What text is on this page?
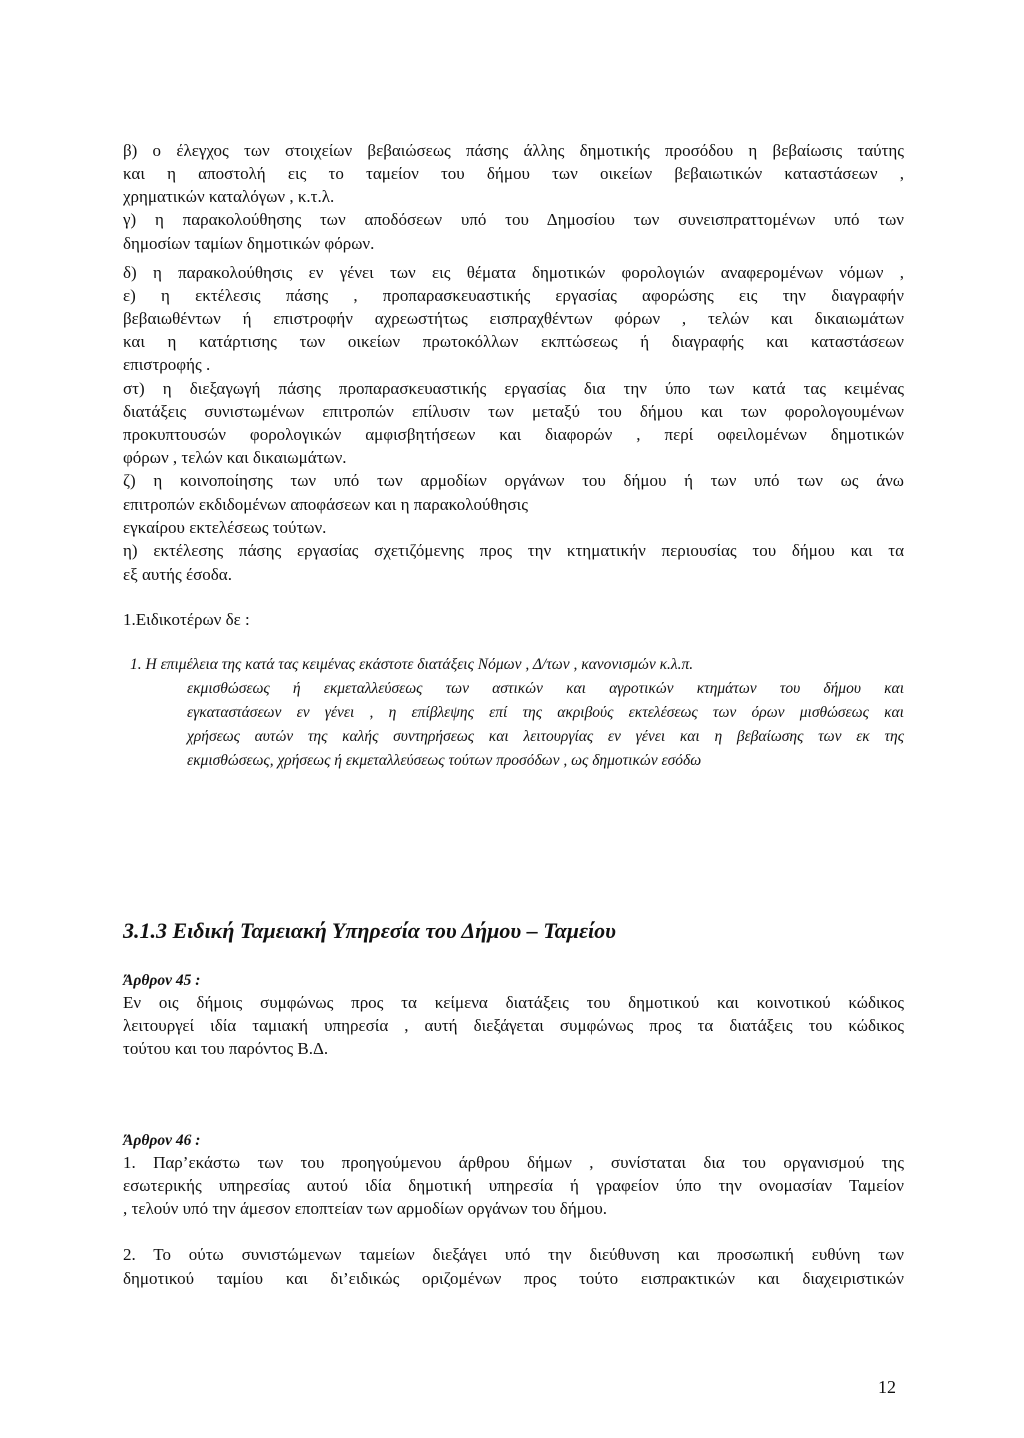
β) ο έλεγχος των στοιχείων βεβαιώσεως πάσης άλλης δημοτικής προσόδου η βεβαίωσις ταύτης
και η αποστολή εις το ταμείον του δήμου των οικείων βεβαιωτικών καταστάσεων ,
χρηματικών καταλόγων , κ.τ.λ.
γ) η παρακολούθησης των αποδόσεων υπό του Δημοσίου των συνεισπραττομένων υπό των
δημοσίων ταμίων δημοτικών φόρων.
δ) η παρακολούθησις εν γένει των εις θέματα δημοτικών φορολογιών αναφερομένων νόμων ,
ε) η εκτέλεσις πάσης , προπαρασκευαστικής εργασίας αφορώσης εις την διαγραφήν
βεβαιωθέντων ή επιστροφήν αχρεωστήτως εισπραχθέντων φόρων , τελών και δικαιωμάτων
και η κατάρτισης των οικείων πρωτοκόλλων εκπτώσεως ή διαγραφής και καταστάσεων
επιστροφής .
στ) η διεξαγωγή πάσης προπαρασκευαστικής εργασίας δια την ύπο των κατά τας κειμένας
διατάξεις συνιστωμένων επιτροπών επίλυσιν των μεταξύ του δήμου και των φορολογουμένων
προκυπτουσών φορολογικών αμφισβητήσεων και διαφορών , περί οφειλομένων δημοτικών
φόρων , τελών και δικαιωμάτων.
ζ) η κοινοποίησης των υπό των αρμοδίων οργάνων του δήμου ή των υπό των ως άνω
επιτροπών εκδιδομένων αποφάσεων και η παρακολούθησις
εγκαίρου εκτελέσεως τούτων.
η) εκτέλεσης πάσης εργασίας σχετιζόμενης προς την κτηματικήν περιουσίας του δήμου και τα
εξ αυτής έσοδα.
1.Ειδικοτέρων δε :
1. Η επιμέλεια της κατά τας κειμένας εκάστοτε διατάξεις Νόμων , Δ/των , κανονισμών κ.λ.π.
εκμισθώσεως ή εκμεταλλεύσεως των αστικών και αγροτικών κτημάτων του δήμου και
εγκαταστάσεων εν γένει , η επίβλεψης επί της ακριβούς εκτελέσεως των όρων μισθώσεως και
χρήσεως αυτών της καλής συντηρήσεως και λειτουργίας εν γένει και η βεβαίωσης των εκ της
εκμισθώσεως, χρήσεως ή εκμεταλλεύσεως τούτων προσόδων , ως δημοτικών εσόδω
3.1.3 Ειδική Ταμειακή Υπηρεσία του Δήμου – Ταμείου
Άρθρον 45 :
Εν οις δήμοις συμφώνως προς τα κείμενα διατάξεις του δημοτικού και κοινοτικού κώδικος
λειτουργεί ιδία ταμιακή υπηρεσία , αυτή διεξάγεται συμφώνως προς τα διατάξεις του κώδικος
τούτου και του παρόντος Β.Δ.
Άρθρον 46 :
1. Παρ’εκάστω των του προηγούμενου άρθρου δήμων , συνίσταται δια του οργανισμού της
εσωτερικής υπηρεσίας αυτού ιδία δημοτική υπηρεσία ή γραφείον ύπο την ονομασίαν Ταμείον
, τελούν υπό την άμεσον εποπτείαν των αρμοδίων οργάνων του δήμου.
2. Το ούτω συνιστώμενων ταμείων διεξάγει υπό την διεύθυνση και προσωπική ευθύνη των
δημοτικού ταμίου και δι’ειδικώς οριζομένων προς τούτο εισπρακτικών και διαχειριστικών
12
